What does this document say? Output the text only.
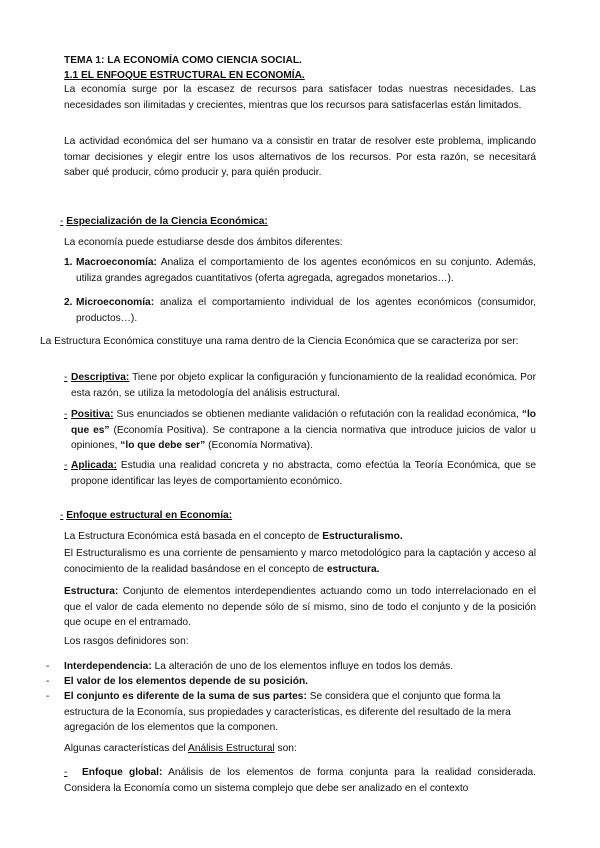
TEMA 1: LA ECONOMÍA COMO CIENCIA SOCIAL.
1.1 EL ENFOQUE ESTRUCTURAL EN ECONOMÍA.

La economía surge por la escasez de recursos para satisfacer todas nuestras necesidades. Las necesidades son ilimitadas y crecientes, mientras que los recursos para satisfacerlas están limitados.

La actividad económica del ser humano va a consistir en tratar de resolver este problema, implicando tomar decisiones y elegir entre los usos alternativos de los recursos. Por esta razón, se necesitará saber qué producir, cómo producir y, para quién producir.

- Especialización de la Ciencia Económica:
La economía puede estudiarse desde dos ámbitos diferentes:
1. Macroeconomía: Analiza el comportamiento de los agentes económicos en su conjunto. Además, utiliza grandes agregados cuantitativos (oferta agregada, agregados monetarios…).
2. Microeconomía: analiza el comportamiento individual de los agentes económicos (consumidor, productos…).

La Estructura Económica constituye una rama dentro de la Ciencia Económica que se caracteriza por ser:

- Descriptiva: Tiene por objeto explicar la configuración y funcionamiento de la realidad económica. Por esta razón, se utiliza la metodología del análisis estructural.
- Positiva: Sus enunciados se obtienen mediante validación o refutación con la realidad económica, “lo que es” (Economía Positiva). Se contrapone a la ciencia normativa que introduce juicios de valor u opiniones, “lo que debe ser” (Economía Normativa).
- Aplicada: Estudia una realidad concreta y no abstracta, como efectúa la Teoría Económica, que se propone identificar las leyes de comportamiento económico.
- Enfoque estructural en Economía:
La Estructura Económica está basada en el concepto de Estructuralismo.
El Estructuralismo es una corriente de pensamiento y marco metodológico para la captación y acceso al conocimiento de la realidad basándose en el concepto de estructura.
Estructura: Conjunto de elementos interdependientes actuando como un todo interrelacionado en el que el valor de cada elemento no depende sólo de sí mismo, sino de todo el conjunto y de la posición que ocupe en el entramado.
Los rasgos definidores son:
- Interdependencia: La alteración de uno de los elementos influye en todos los demás.
- El valor de los elementos depende de su posición.
- El conjunto es diferente de la suma de sus partes: Se considera que el conjunto que forma la estructura de la Economía, sus propiedades y características, es diferente del resultado de la mera agregación de los elementos que la componen.
Algunas características del Análisis Estructural son:
- Enfoque global: Análisis de los elementos de forma conjunta para la realidad considerada. Considera la Economía como un sistema complejo que debe ser analizado en el contexto
